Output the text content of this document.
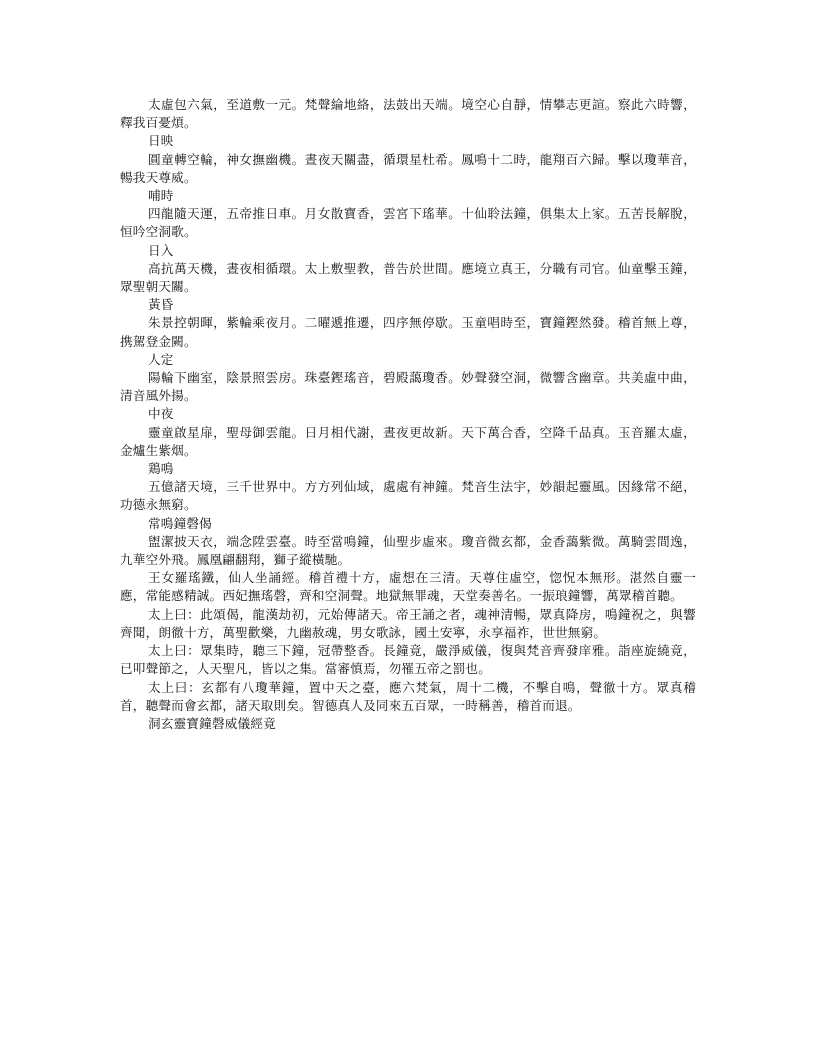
太虛包六氣，至道敷一元。梵聲綸地絡，法鼓出天端。境空心自靜，情攀志更諠。察此六時響，釋我百憂煩。

日映

圓童轉空輪，神女撫幽機。晝夜天關盡，循環星杜希。鳳鳴十二時，龍翔百六歸。擊以瓊華音，暢我天尊威。

哺時

四龍隨天運，五帝推日車。月女散寶香，雲宮下瑤華。十仙聆法鐘，俱集太上家。五苦長解脫，恒吟空洞歌。

日入

高抗萬天機，晝夜相循環。太上敷聖教，普告於世間。應境立真王，分職有司官。仙童擊玉鐘，眾聖朝天關。

黃昏

朱景控朝暉，紫輪乘夜月。二曜遞推遷，四序無停歇。玉童唱時至，寶鐘鏗然發。稽首無上尊，携駕登金闕。

人定

陽輪下幽室，陰景照雲房。珠臺鏗瑤音，碧殿藹瓊香。妙聲發空洞，微響含幽章。共美虛中曲，清音風外揚。

中夜

靈童啟星扉，聖母御雲龍。日月相代謝，晝夜更故新。天下萬合香，空降千品真。玉音羅太虛，金爐生紫烟。

鶏鳴

五億諸天境，三千世界中。方方列仙域，處處有神鐘。梵音生法宇，妙韻起靈風。因緣常不絕，功德永無窮。

常鳴鐘磬偈

盥潔披天衣，端念陞雲臺。時至當鳴鐘，仙聖步虛來。瓊音微玄都，金香藹紫微。萬騎雲間逸，九華空外飛。鳳凰翩翻翔，獅子縱橫馳。

王女羅瑤鐵，仙人坐誦經。稽首禮十方，虛想在三清。天尊住虛空，惚怳本無形。湛然自靈一應，常能感精誠。西妃撫瑤磬，齊和空洞聲。地獄無罪魂，天堂奏善名。一振琅鐘響，萬眾稽首聽。

太上曰：此頌偈，龍漢劫初，元始傳諸天。帝王誦之者，魂神清暢，眾真降房，鳴鐘祝之，與響齊聞，朗徹十方，萬聖歡樂，九幽赦魂，男女歌詠，國土安寧，永享福祚，世世無窮。

太上曰：眾集時，聽三下鐘，冠帶整香。長鐘竟，嚴淨威儀，復與梵音齊發庠雅。詣座旋繞竟，已叩聲節之，人天聖凡，皆以之集。當審慎焉，勿罹五帝之罰也。

太上曰：玄都有八瓊華鐘，置中天之臺，應六梵氣，周十二機，不擊自鳴，聲徹十方。眾真稽首，聽聲而會玄都，諸天取則矣。智德真人及同來五百眾，一時稱善，稽首而退。

洞玄靈寶鐘磬威儀經竟
